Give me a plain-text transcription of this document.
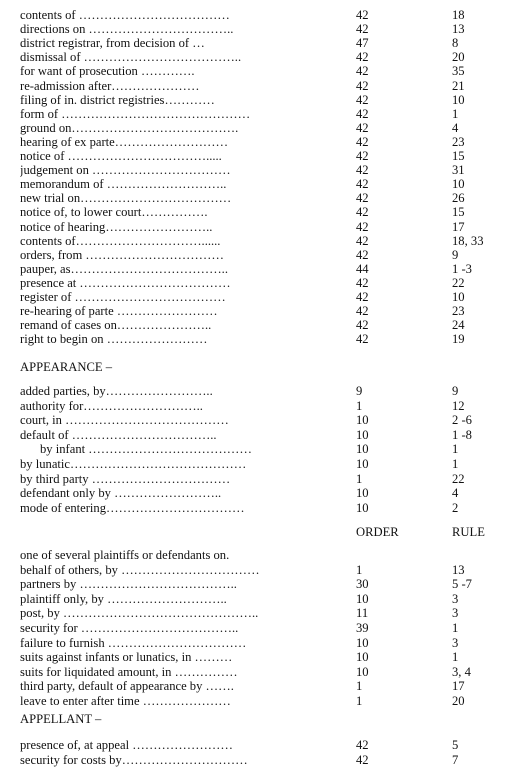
contents of ………………………………	42	18
directions on ……………………………..	42	13
district registrar, from decision of …	47	8
dismissal of ………………………………..	42	20
for want of prosecution ………….	42	35
re-admission after…………………	42	21
filing of in. district registries…………	42	10
form of ………………………………………	42	1
ground on………………………………….	42	4
hearing of ex parte………………………	42	23
notice of …………………………….....	42	15
judgement on ……………………………	42	31
memorandum of ………………………..	42	10
new trial on………………………………	42	26
notice of, to lower court…………….	42	15
notice of hearing……………………..	42	17
contents of…………………………......	42	18, 33
orders, from ……………………………	42	9
pauper, as………………………………..	44	1 -3
presence at ………………………………	42	22
register of ………………………………	42	10
re-hearing of parte ……………………	42	23
remand of cases on…………………..	42	24
right to begin on ……………………	42	19
APPEARANCE –
added parties, by……………………..	9	9
authority for………………………..	1	12
court, in …………………………………	10	2 -6
default of ……………………………..	10	1 -8
by infant …………………………………	10	1
by lunatic……………………………………	10	1
by third party ……………………………	1	22
defendant only by ……………………..	10	4
mode of entering……………………………	10	2
ORDER	RULE
one of several plaintiffs or defendants on.
behalf of others, by ……………………………	1	13
partners by ………………………………..	30	5 -7
plaintiff only, by ………………………..	10	3
post, by ………………………………………..	11	3
security for ………………………………..	39	1
failure to furnish ……………………………	10	3
suits against infants or lunatics, in ………	10	1
suits for liquidated amount, in ……………	10	3, 4
third party, default of appearance by …….	1	17
leave to enter after time …………………	1	20
APPELLANT –
presence of, at appeal ……………………	42	5
security for costs by…………………………	42	7
